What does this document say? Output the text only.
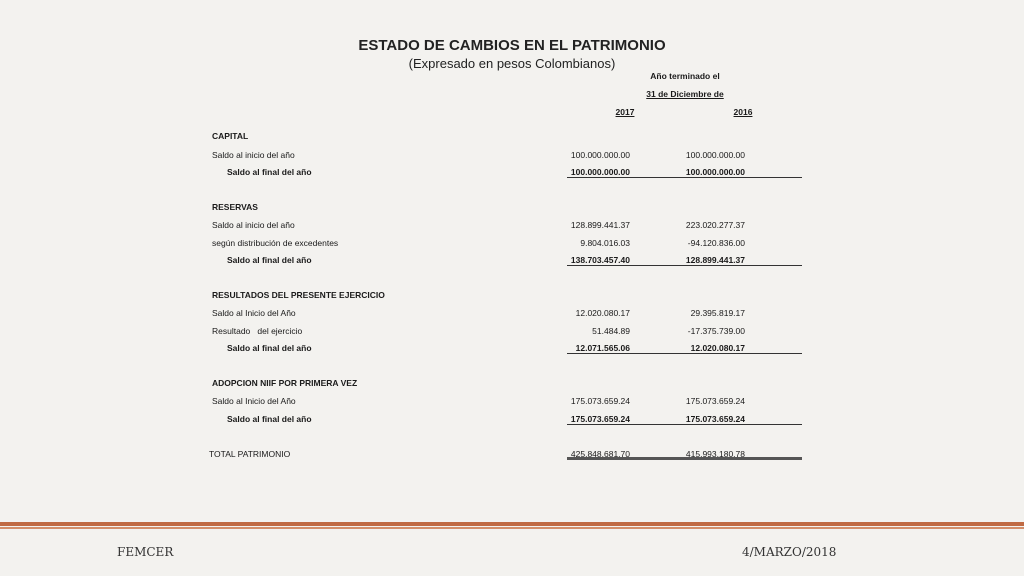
ESTADO DE CAMBIOS EN EL PATRIMONIO
(Expresado en pesos Colombianos)
Año terminado el
31 de Diciembre de
2017	2016
CAPITAL
Saldo al inicio del año	100.000.000.00	100.000.000.00
Saldo al final del año	100.000.000.00	100.000.000.00
RESERVAS
Saldo al inicio del año	128.899.441.37	223.020.277.37
según distribución de excedentes	9.804.016.03	-94.120.836.00
Saldo al final del año	138.703.457.40	128.899.441.37
RESULTADOS DEL PRESENTE EJERCICIO
Saldo al Inicio del Año	12.020.080.17	29.395.819.17
Resultado   del ejercicio	51.484.89	-17.375.739.00
Saldo al final del año	12.071.565.06	12.020.080.17
ADOPCION NIIF POR PRIMERA VEZ
Saldo al Inicio del Año	175.073.659.24	175.073.659.24
Saldo al final del año	175.073.659.24	175.073.659.24
TOTAL PATRIMONIO	425.848.681.70	415.993.180.78
FEMCER	4/MARZO/2018
